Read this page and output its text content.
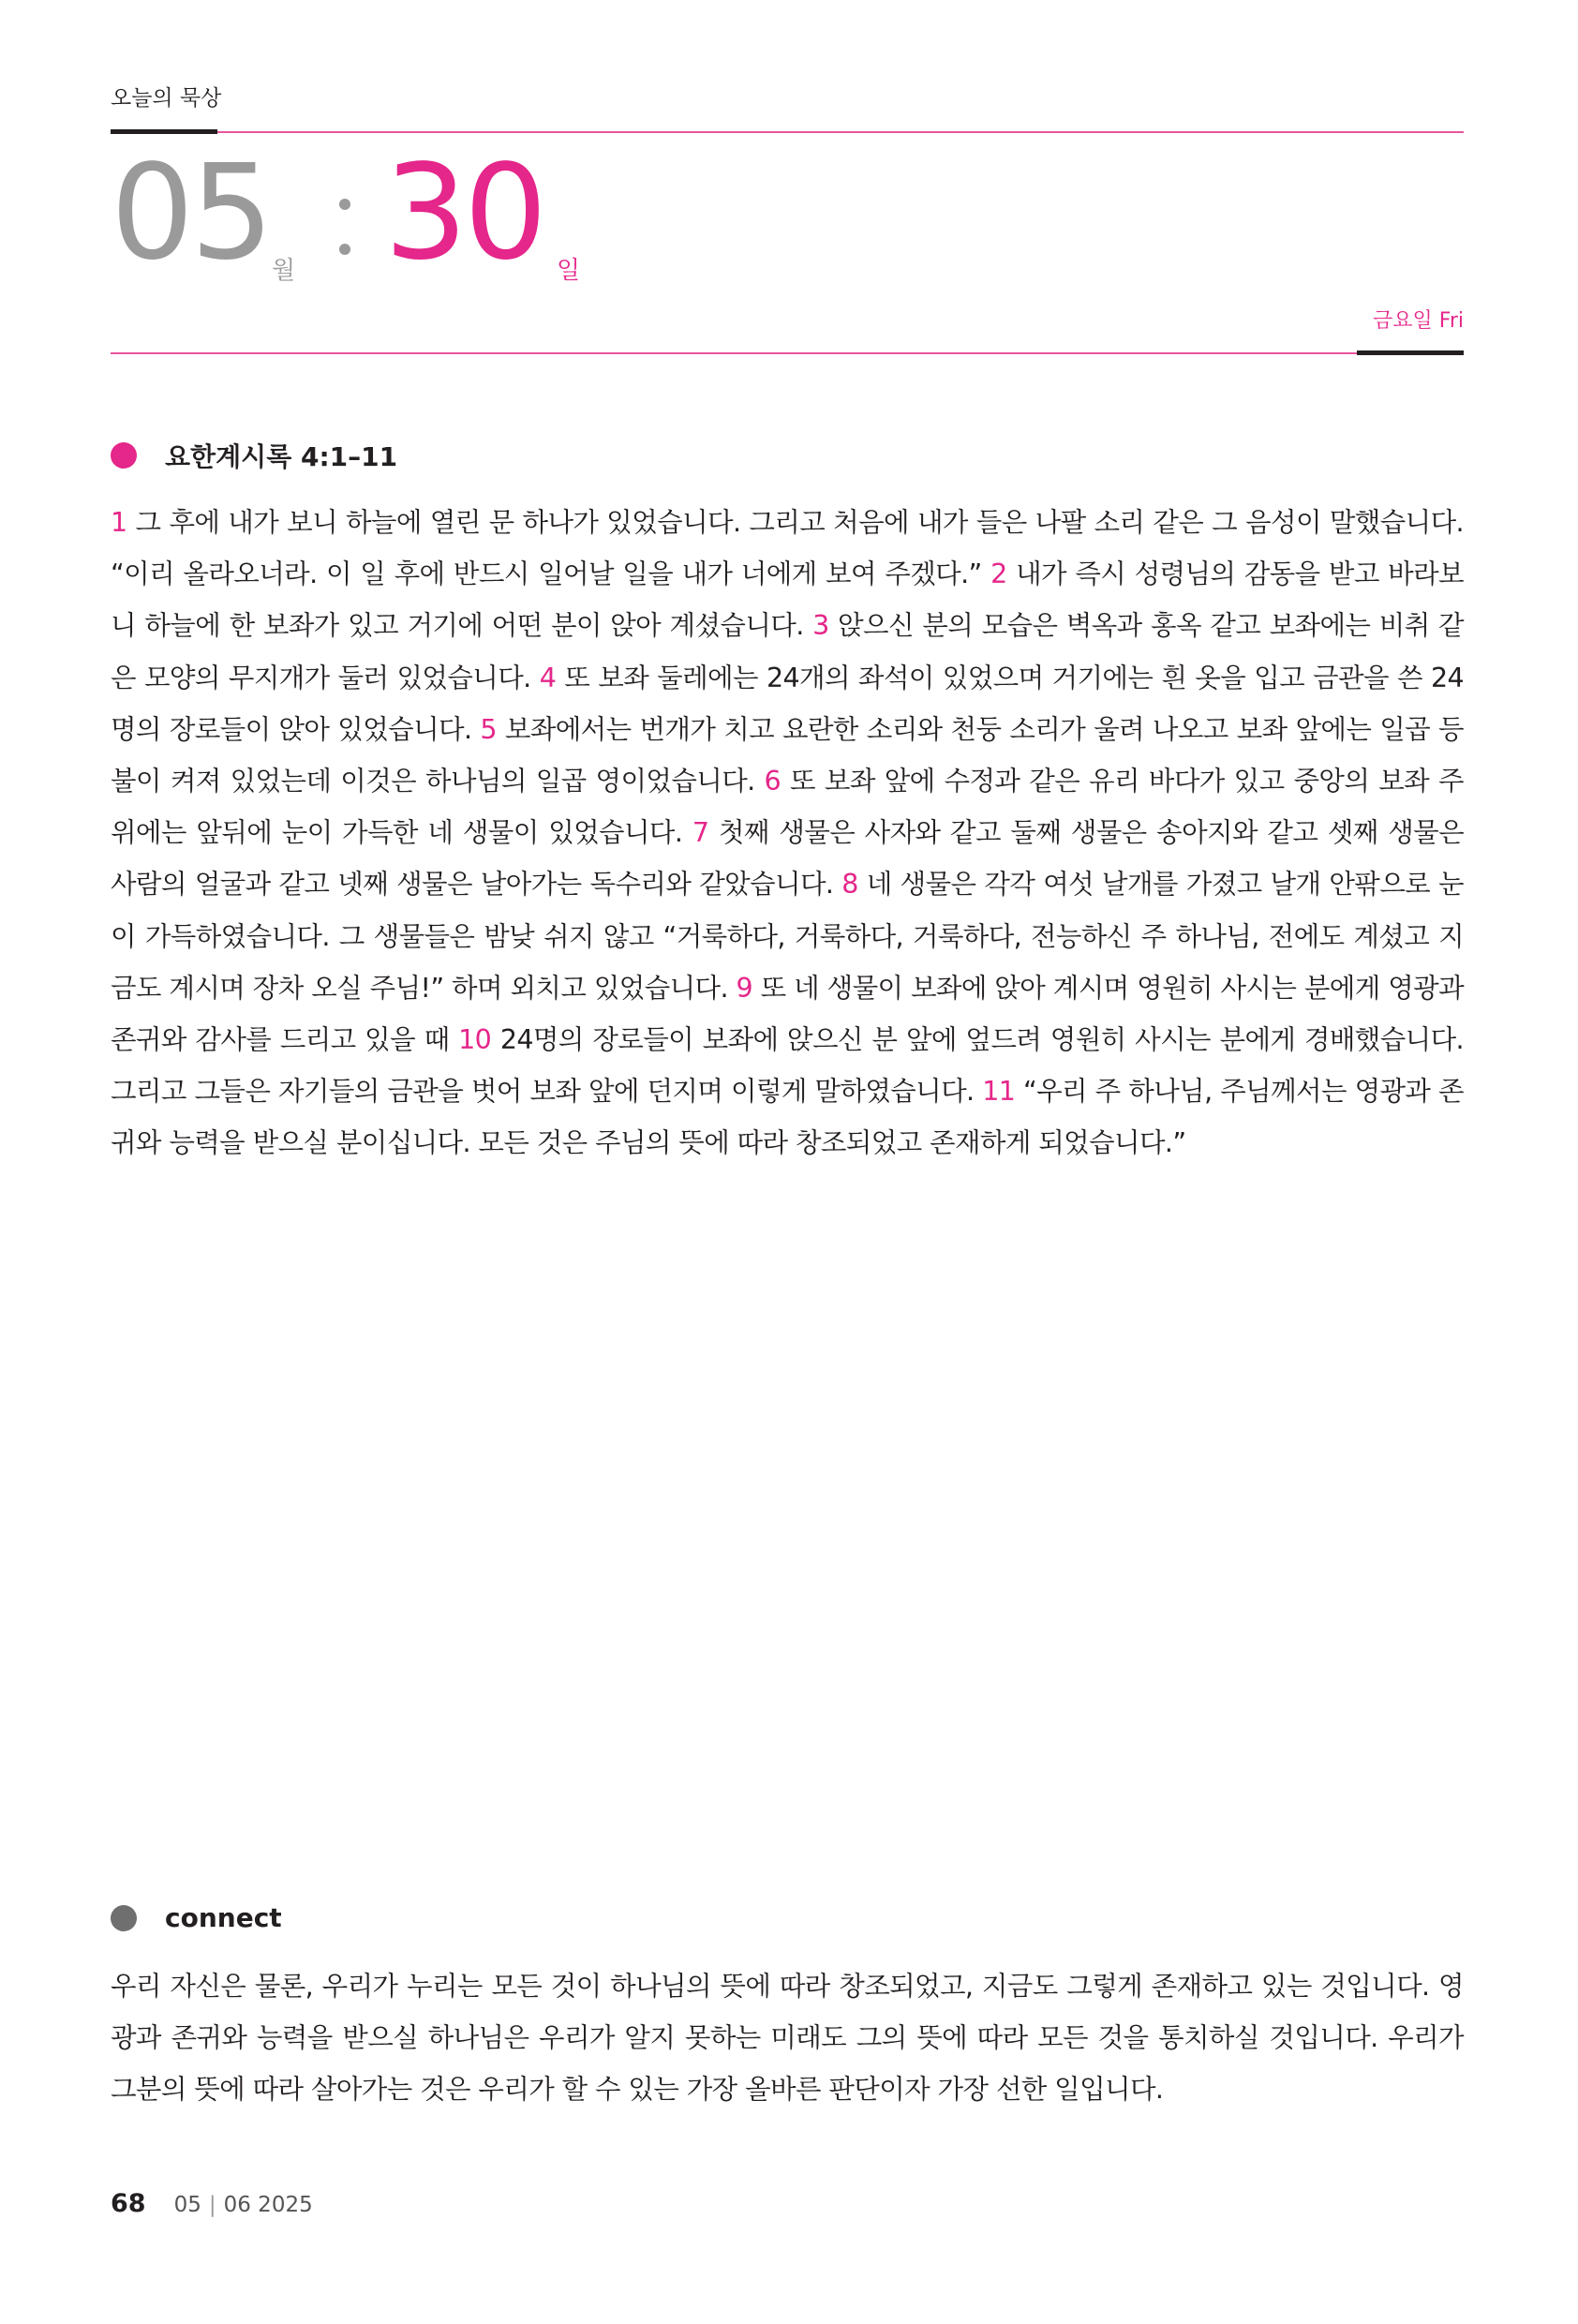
오늘의 묵상
05 월 30 일
금요일 Fri
요한계시록 4:1–11
1 그 후에 내가 보니 하늘에 열린 문 하나가 있었습니다. 그리고 처음에 내가 들은 나팔 소리 같은 그 음성이 말했습니다. “이리 올라오너라. 이 일 후에 반드시 일어날 일을 내가 너에게 보여 주겠다.” 2 내가 즉시 성령님의 감동을 받고 바라보니 하늘에 한 보좌가 있고 거기에 어떤 분이 앉아 계셨습니다. 3 앉으신 분의 모습은 벽옥과 홍옥 같고 보좌에는 비취 같은 모양의 무지개가 둘러 있었습니다. 4 또 보좌 둘레에는 24개의 좌석이 있었으며 거기에는 흰 옷을 입고 금관을 쓴 24명의 장로들이 앉아 있었습니다. 5 보좌에서는 번개가 치고 요란한 소리와 천둥 소리가 울려 나오고 보좌 앞에는 일곱 등불이 켜져 있었는데 이것은 하나님의 일곱 영이었습니다. 6 또 보좌 앞에 수정과 같은 유리 바다가 있고 중앙의 보좌 주위에는 앞뒤에 눈이 가득한 네 생물이 있었습니다. 7 첫째 생물은 사자와 같고 둘째 생물은 송아지와 같고 셋째 생물은 사람의 얼굴과 같고 넷째 생물은 날아가는 독수리와 같았습니다. 8 네 생물은 각각 여섯 날개를 가졌고 날개 안팎으로 눈이 가득하였습니다. 그 생물들은 밤낮 쉬지 않고 “거룩하다, 거룩하다, 거룩하다, 전능하신 주 하나님, 전에도 계셨고 지금도 계시며 장차 오실 주님!” 하며 외치고 있었습니다. 9 또 네 생물이 보좌에 앉아 계시며 영원히 사시는 분에게 영광과 존귀와 감사를 드리고 있을 때 10 24명의 장로들이 보좌에 앉으신 분 앞에 엎드려 영원히 사시는 분에게 경배했습니다. 그리고 그들은 자기들의 금관을 벗어 보좌 앞에 던지며 이렇게 말하였습니다. 11 “우리 주 하나님, 주님께서는 영광과 존귀와 능력을 받으실 분이십니다. 모든 것은 주님의 뜻에 따라 창조되었고 존재하게 되었습니다.”
connect
우리 자신은 물론, 우리가 누리는 모든 것이 하나님의 뜻에 따라 창조되었고, 지금도 그렇게 존재하고 있는 것입니다. 영광과 존귀와 능력을 받으실 하나님은 우리가 알지 못하는 미래도 그의 뜻에 따라 모든 것을 통치하실 것입니다. 우리가 그분의 뜻에 따라 살아가는 것은 우리가 할 수 있는 가장 올바른 판단이자 가장 선한 일입니다.
68 05 | 06 2025
